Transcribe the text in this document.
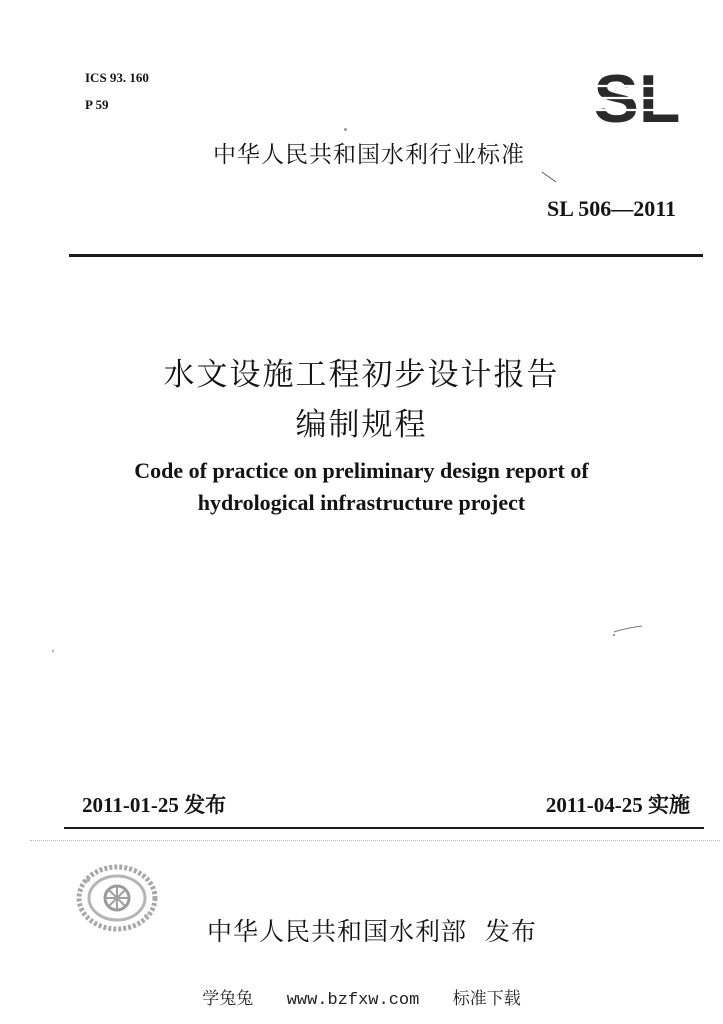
ICS 93. 160
P 59	SL
中华人民共和国水利行业标准
SL 506—2011
水文设施工程初步设计报告
编制规程
Code of practice on preliminary design report of
hydrological infrastructure project
2011-01-25 发布	2011-04-25 实施
中华人民共和国水利部  发布
学兔兔 www.bzfxw.com 标准下载
